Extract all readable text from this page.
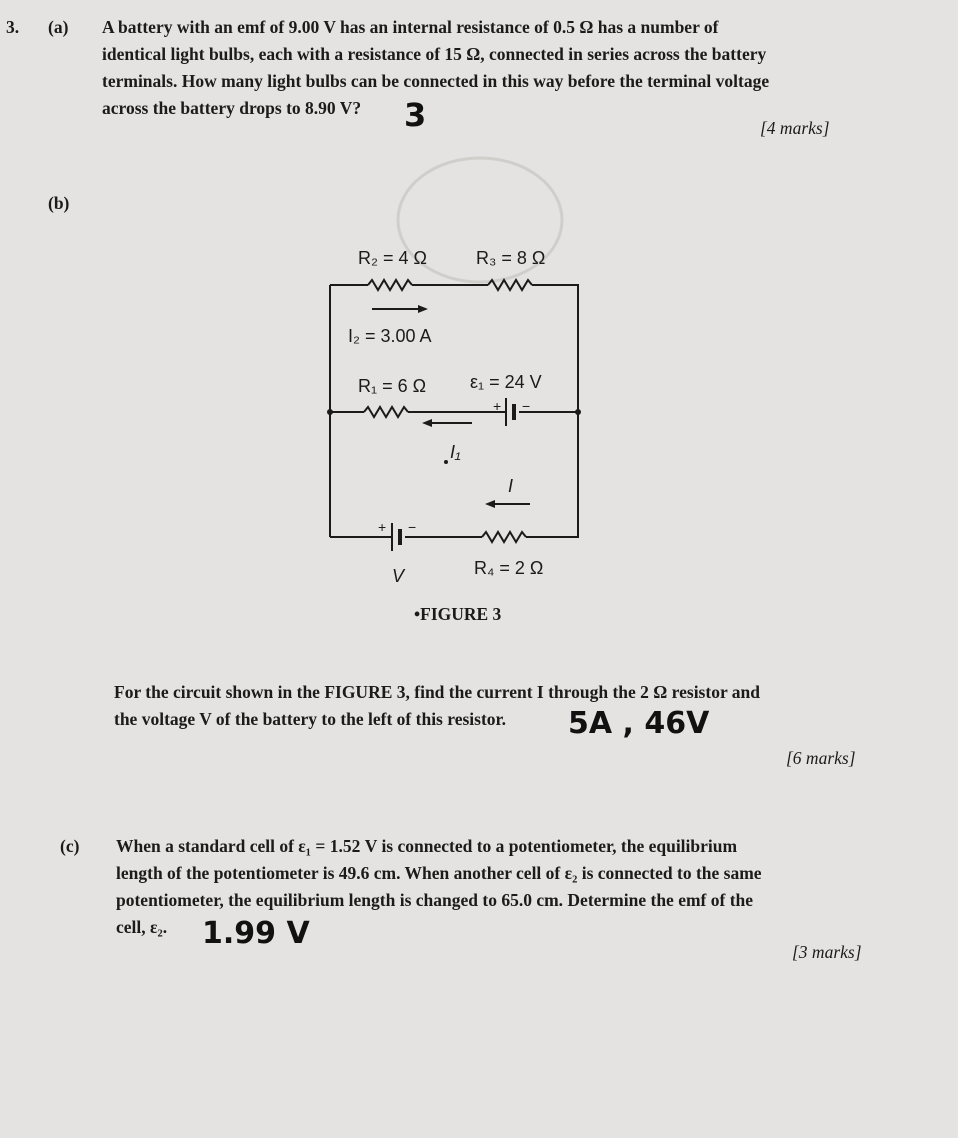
3. (a) A battery with an emf of 9.00 V has an internal resistance of 0.5 Ω has a number of
identical light bulbs, each with a resistance of 15 Ω, connected in series across the battery
terminals. How many light bulbs can be connected in this way before the terminal voltage
across the battery drops to 8.90 V?	3	[4 marks]
(b)
R₂ = 4 Ω	R₃ = 8 Ω
I₂ = 3.00 A
R₁ = 6 Ω ε₁ = 24 V
+ −
I₁
I
+ −
V	R₄ = 2 Ω
•FIGURE 3
For the circuit shown in the FIGURE 3, find the current I through the 2 Ω resistor and
the voltage V of the battery to the left of this resistor.	5A , 46V
[6 marks]
(c) When a standard cell of ε₁ = 1.52 V is connected to a potentiometer, the equilibrium
length of the potentiometer is 49.6 cm. When another cell of ε₂ is connected to the same
potentiometer, the equilibrium length is changed to 65.0 cm. Determine the emf of the
cell, ε₂.	1.99 V
[3 marks]
